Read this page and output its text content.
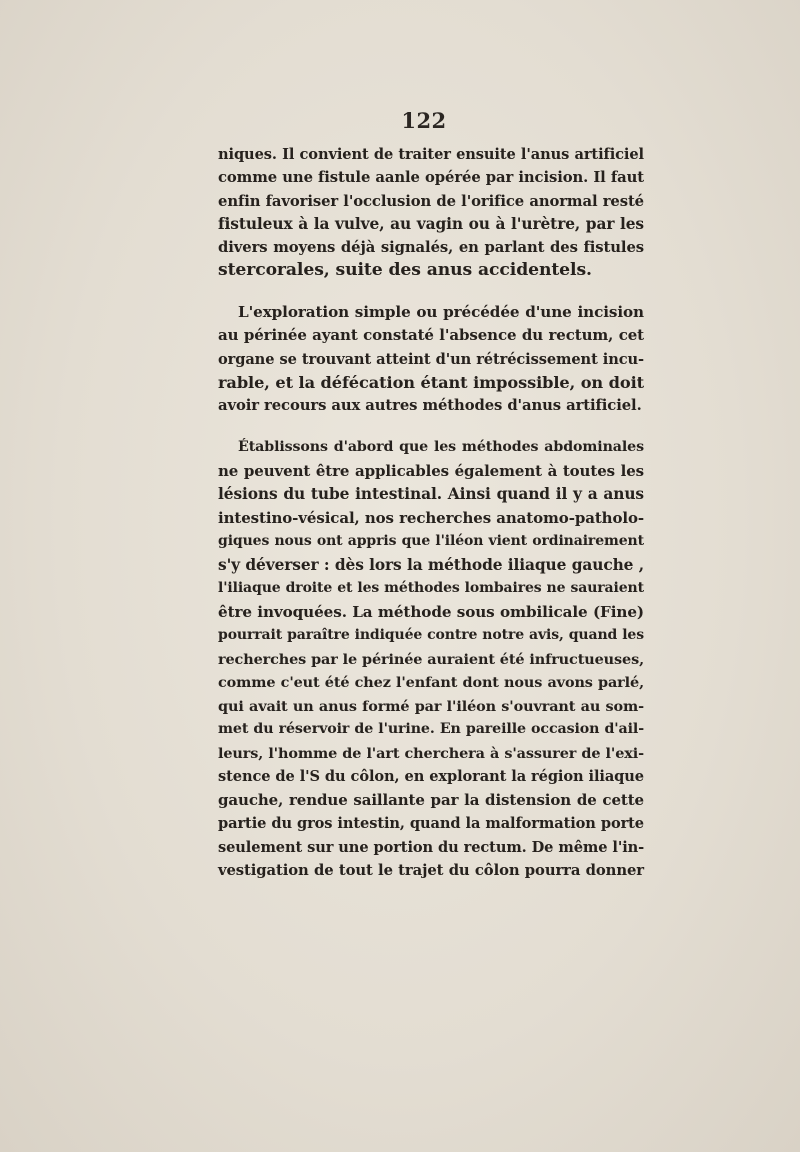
122
niques. Il convient de traiter ensuite l'anus artificiel
comme une fistule aanle opérée par incision. Il faut
enfin favoriser l'occlusion de l'orifice anormal resté
fistuleux à la vulve, au vagin ou à l'urètre, par les
divers moyens déjà signalés, en parlant des fistules
stercorales, suite des anus accidentels.
L'exploration simple ou précédée d'une incision
au périnée ayant constaté l'absence du rectum, cet
organe se trouvant atteint d'un rétrécissement incu-
rable, et la défécation étant impossible, on doit
avoir recours aux autres méthodes d'anus artificiel.
Établissons d'abord que les méthodes abdominales
ne peuvent être applicables également à toutes les
lésions du tube intestinal. Ainsi quand il y a anus
intestino-vésical, nos recherches anatomo-patholo-
giques nous ont appris que l'iléon vient ordinairement
s'y déverser : dès lors la méthode iliaque gauche ,
l'iliaque droite et les méthodes lombaires ne sauraient
être invoquées. La méthode sous ombilicale (Fine)
pourrait paraître indiquée contre notre avis, quand les
recherches par le périnée auraient été infructueuses,
comme c'eut été chez l'enfant dont nous avons parlé,
qui avait un anus formé par l'iléon s'ouvrant au som-
met du réservoir de l'urine. En pareille occasion d'ail-
leurs, l'homme de l'art cherchera à s'assurer de l'exi-
stence de l'S du côlon, en explorant la région iliaque
gauche, rendue saillante par la distension de cette
partie du gros intestin, quand la malformation porte
seulement sur une portion du rectum. De même l'in-
vestigation de tout le trajet du côlon pourra donner
